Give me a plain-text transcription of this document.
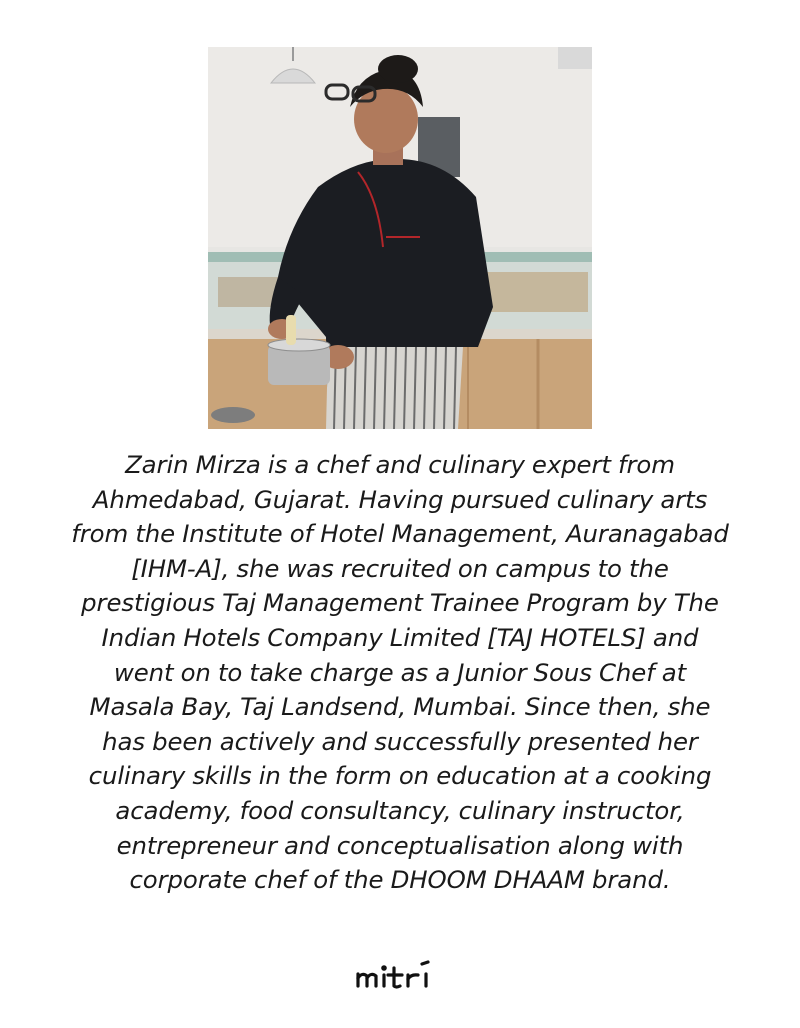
Zarin Mirza is a chef and culinary expert from Ahmedabad, Gujarat. Having pursued culinary arts from the Institute of Hotel Management, Auranagabad [IHM-A], she was recruited on campus to the prestigious Taj Management Trainee Program by The Indian Hotels Company Limited [TAJ HOTELS] and went on to take charge as a Junior Sous Chef at Masala Bay, Taj Landsend, Mumbai. Since then, she has been actively and successfully presented her culinary skills in the form on education at a cooking academy, food consultancy, culinary instructor, entrepreneur and conceptualisation along with corporate chef of the DHOOM DHAAM brand.
